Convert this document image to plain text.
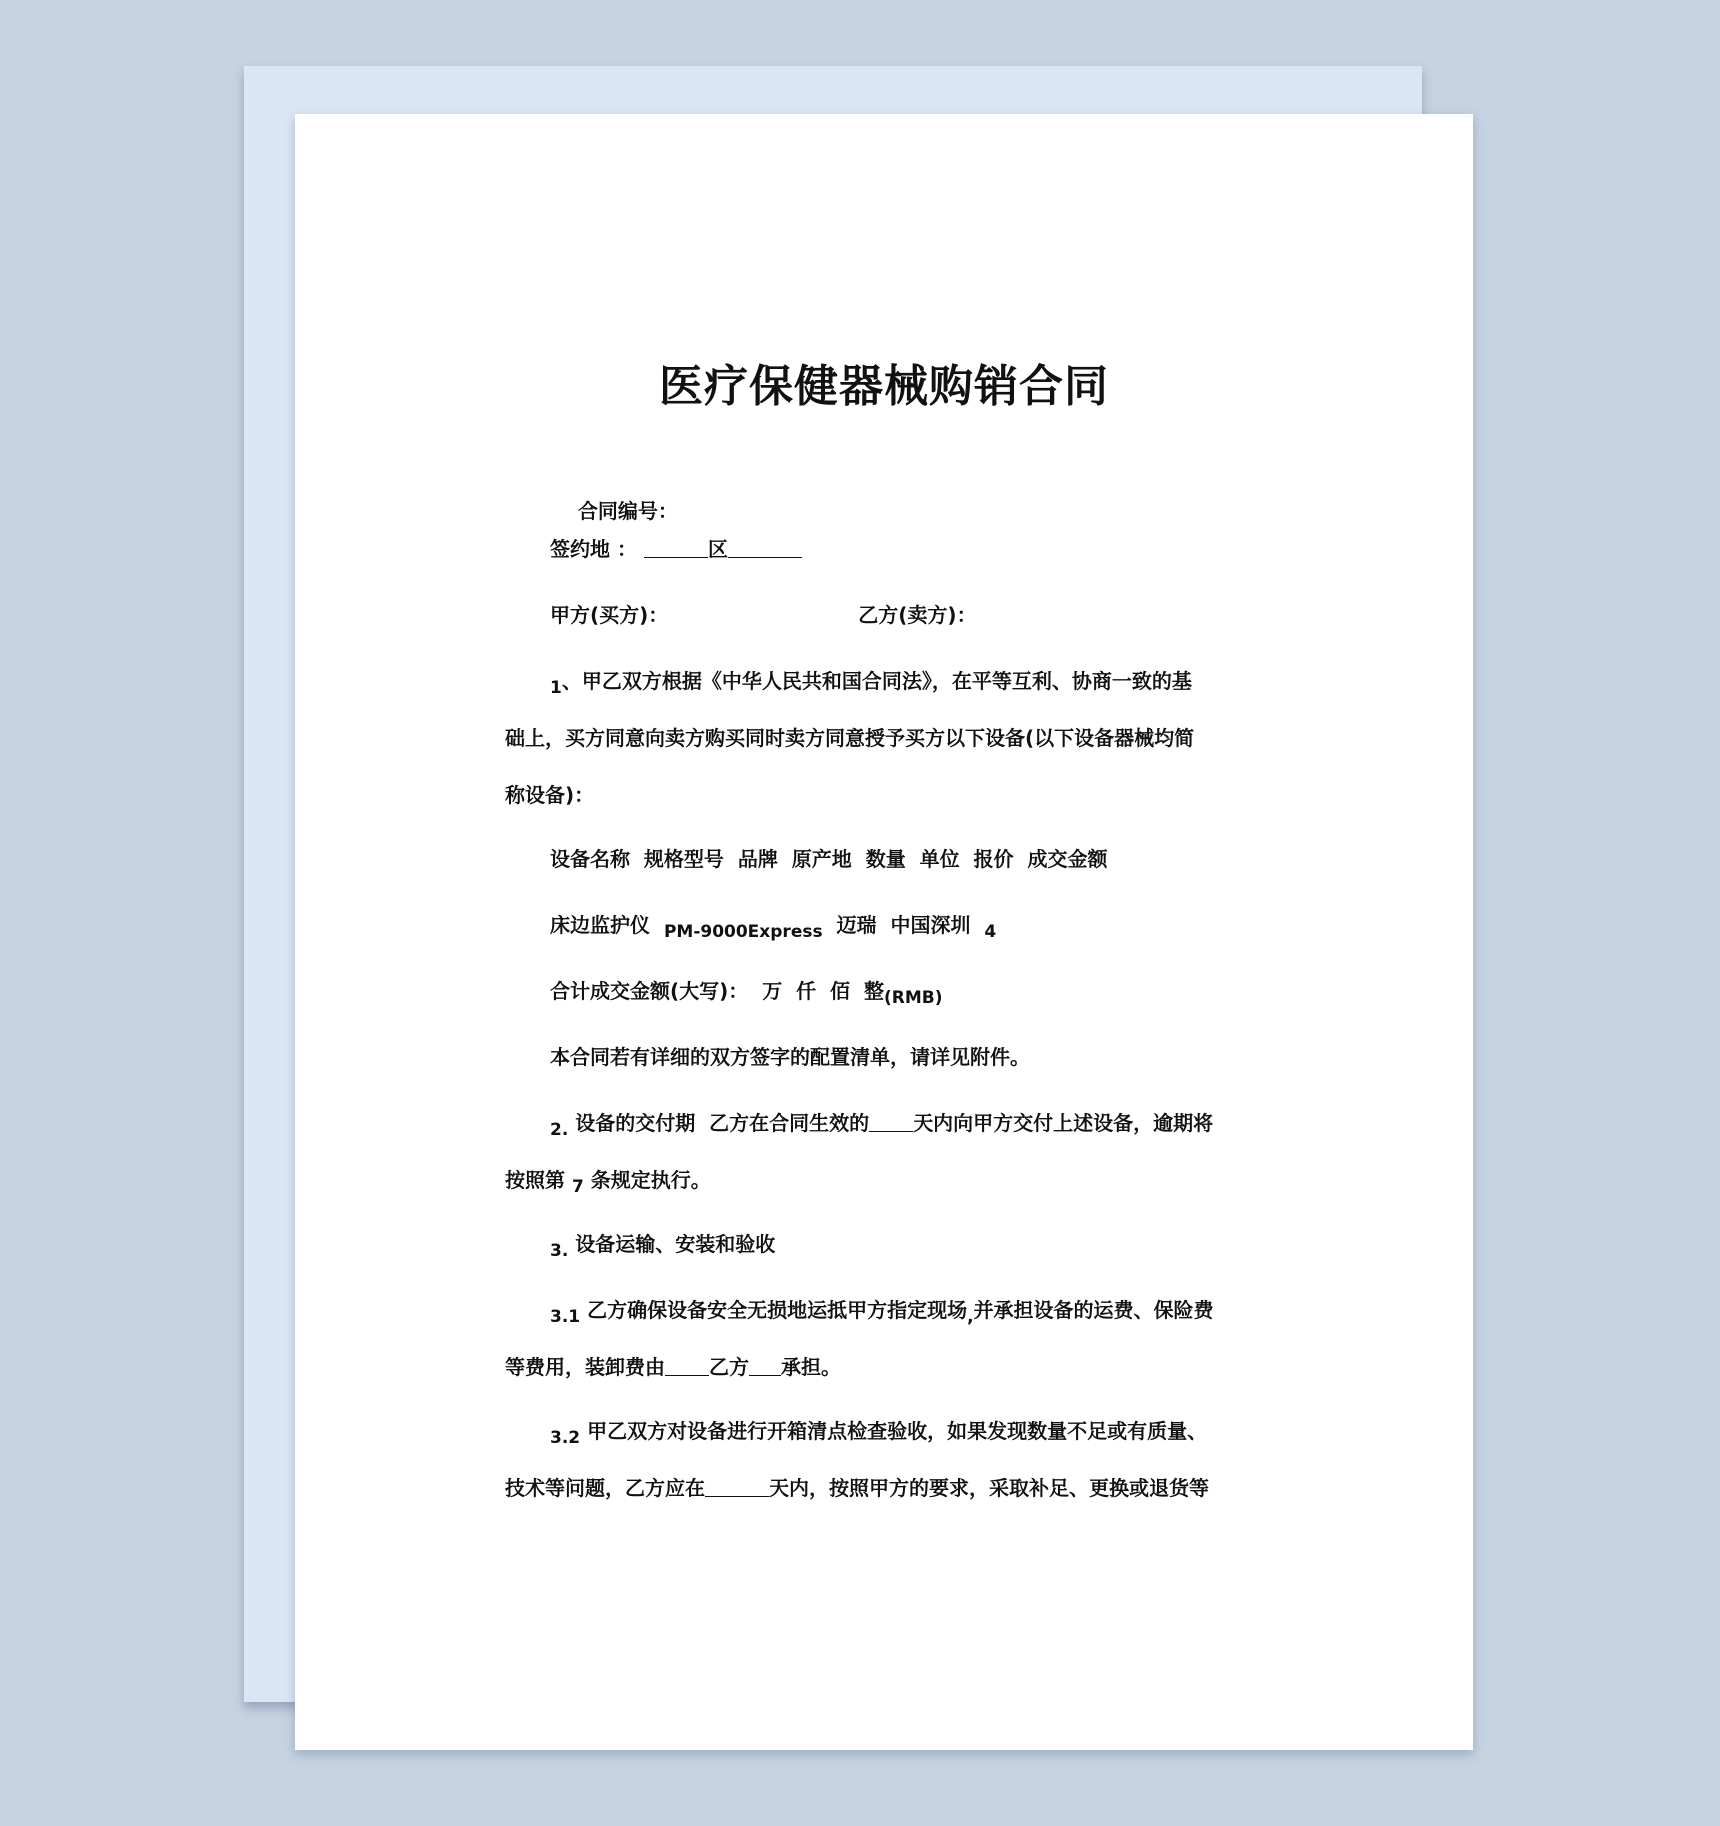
医疗保健器械购销合同

合同编号：

签约地 ：	区
甲方(买方)：	乙方(卖方)：
$_1$、甲乙双方根据《中华人民共和国合同法》，在平等互利、协商一致的基
础上，买方同意向卖方购买同时卖方同意授予买方以下设备(以下设备器械均简
称设备)：
设备名称  规格型号  品牌  原产地  数量  单位  报价  成交金额
床边监护仪 $_{PM-9000Express}$ 迈瑞 中国深圳 $_4$
合计成交金额(大写)：  万  仟  佰  整$_{(RMB)}$
本合同若有详细的双方签字的配置清单，请详见附件。
$_{2.}$ 设备的交付期  乙方在合同生效的 天内向甲方交付上述设备，逾期将
按照第 $_7$ 条规定执行。
$_{3.}$ 设备运输、安装和验收
$_{3.1}$ 乙方确保设备安全无损地运抵甲方指定现场$_,$并承担设备的运费、保险费
等费用，装卸费由 乙方 承担。
$_{3.2}$ 甲乙双方对设备进行开箱清点检查验收，如果发现数量不足或有质量、
技术等问题，乙方应在	天内，按照甲方的要求，采取补足、更换或退货等
